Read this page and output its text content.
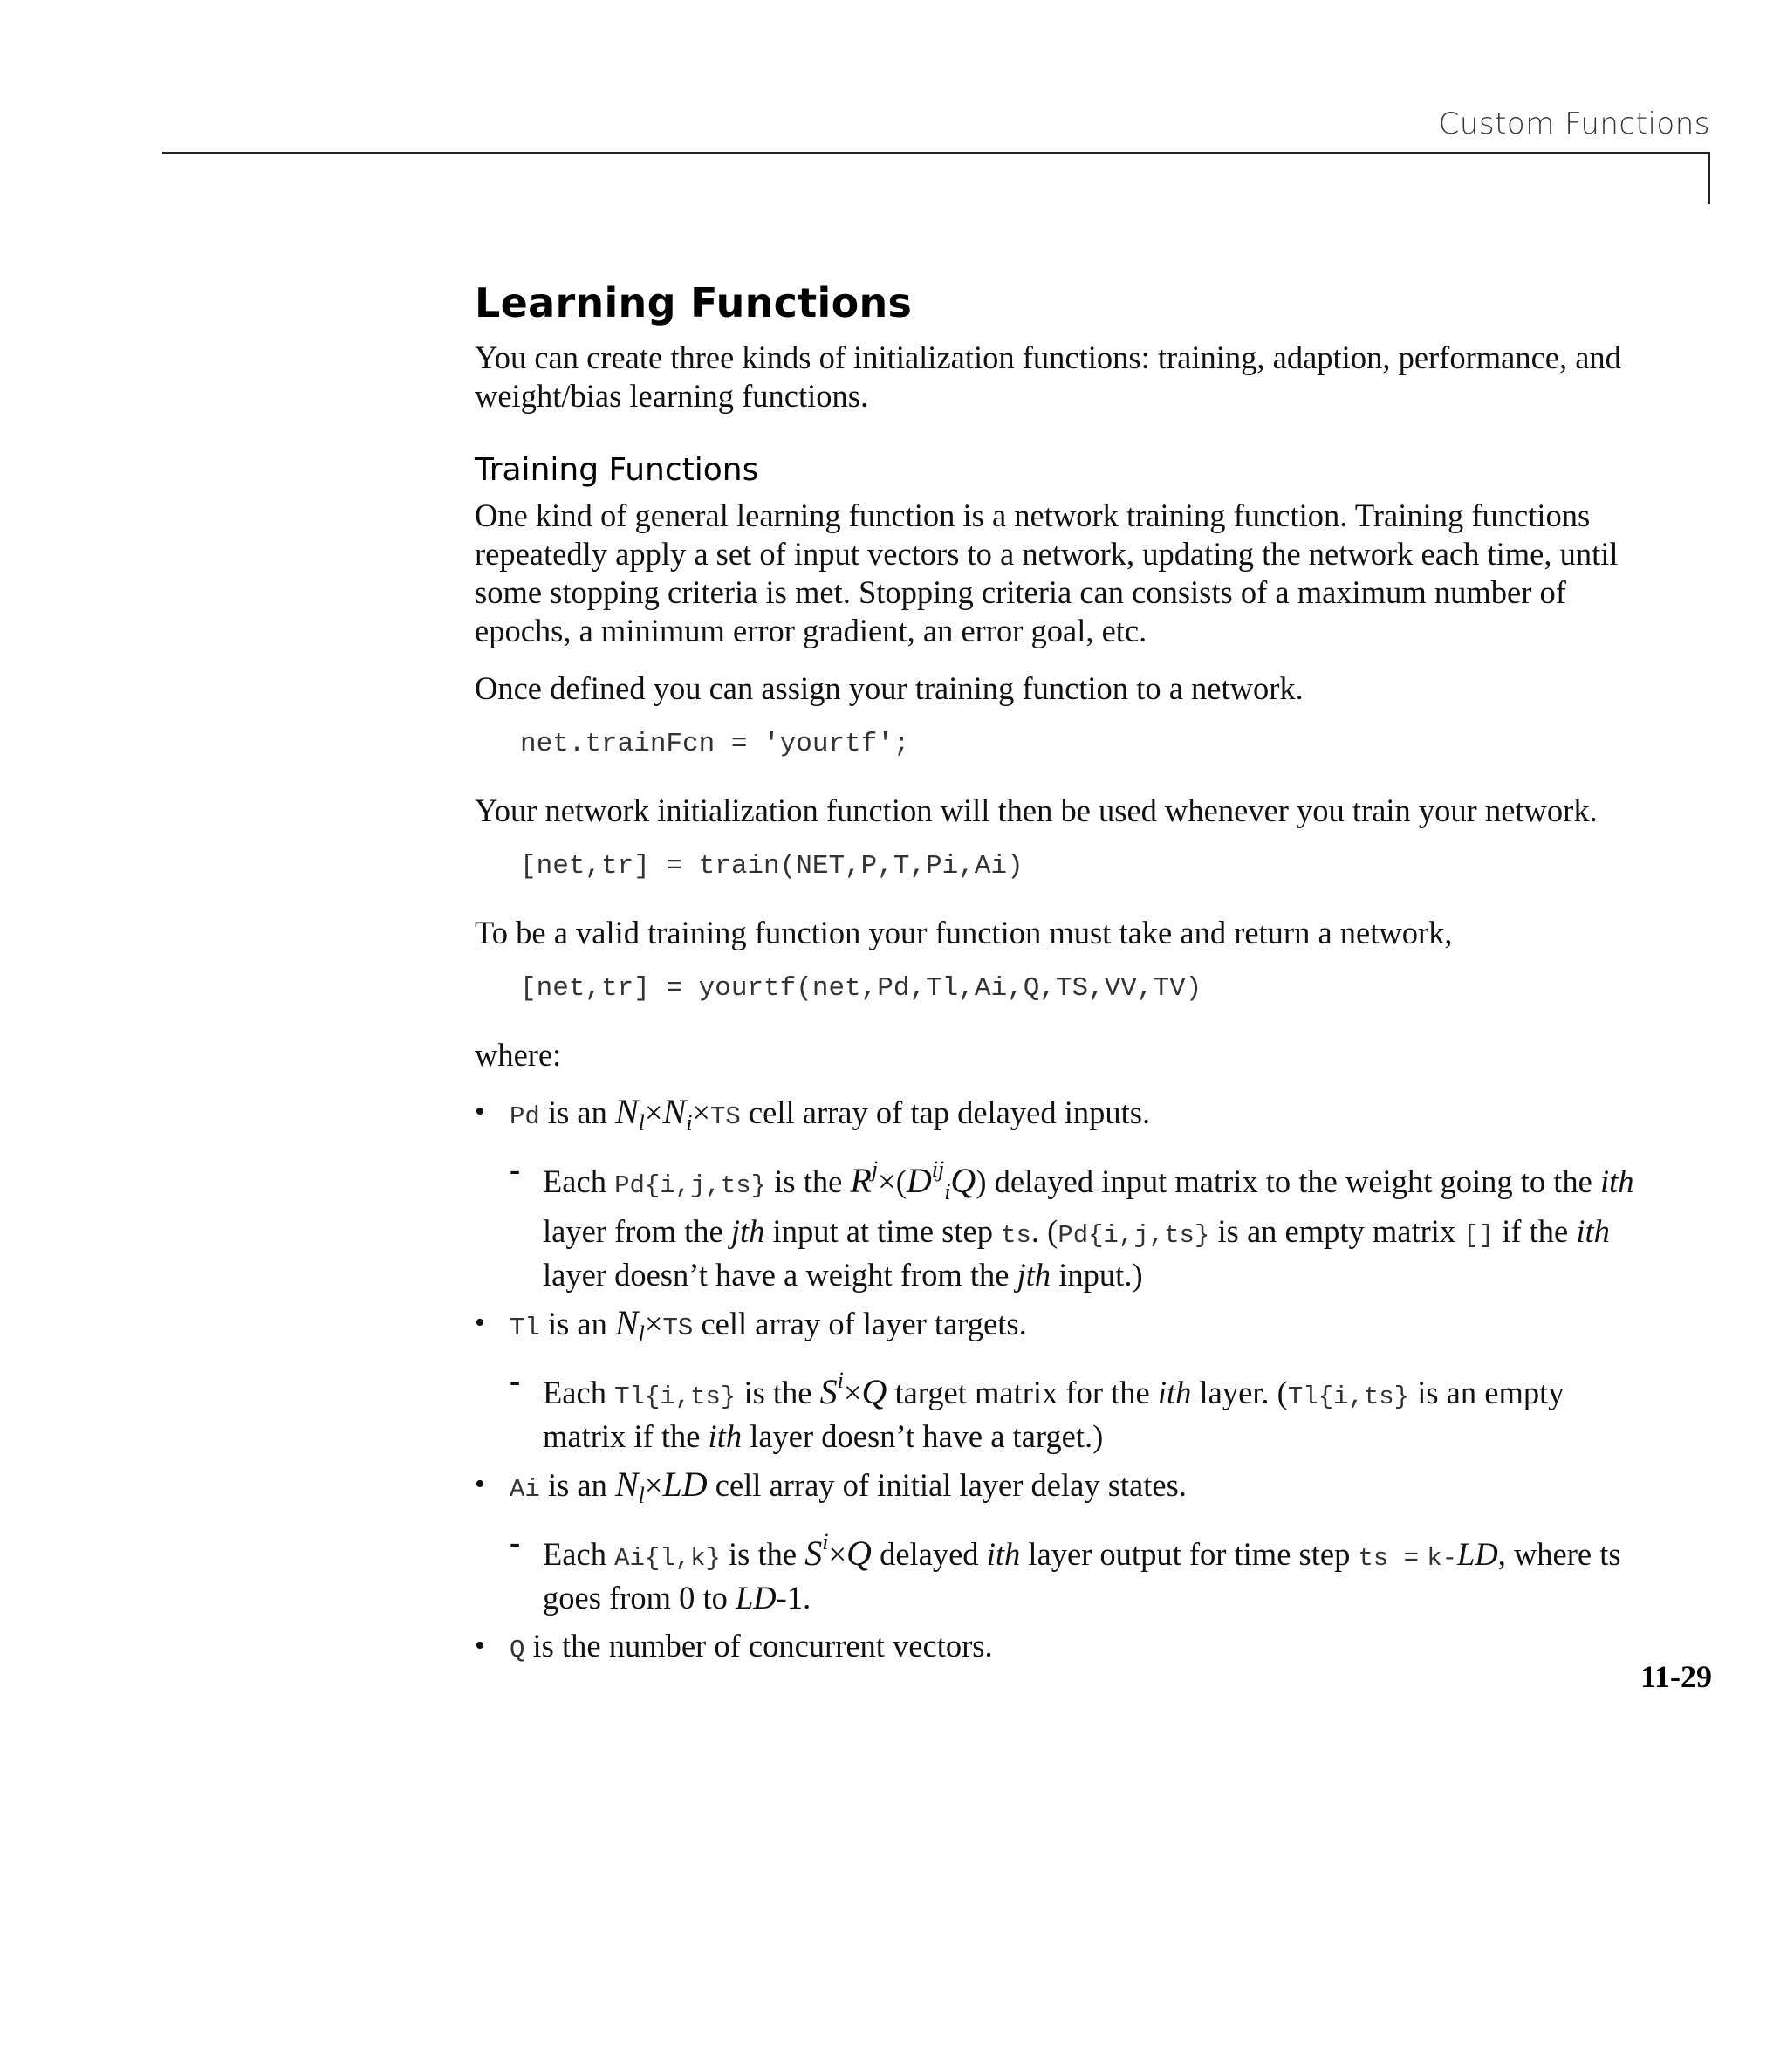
Custom Functions
Learning Functions

You can create three kinds of initialization functions: training, adaption, performance, and weight/bias learning functions.

Training Functions

One kind of general learning function is a network training function. Training functions repeatedly apply a set of input vectors to a network, updating the network each time, until some stopping criteria is met. Stopping criteria can consists of a maximum number of epochs, a minimum error gradient, an error goal, etc.

Once defined you can assign your training function to a network.

net.trainFcn = 'yourtf';

Your network initialization function will then be used whenever you train your network.

[net,tr] = train(NET,P,T,Pi,Ai)

To be a valid training function your function must take and return a network,

[net,tr] = yourtf(net,Pd,Tl,Ai,Q,TS,VV,TV)

where:

• Pd is an $N_l\times N_i\times TS$ cell array of tap delayed inputs.
- Each Pd{i,j,ts} is the $R^j\times(D^{ij}_iQ)$ delayed input matrix to the weight going to the ith layer from the jth input at time step ts. (Pd{i,j,ts} is an empty matrix [] if the ith layer doesn’t have a weight from the jth input.)
• Tl is an $N_l\times TS$ cell array of layer targets.
- Each Tl{i,ts} is the $S^i\times Q$ target matrix for the ith layer. (Tl{i,ts} is an empty matrix if the ith layer doesn’t have a target.)
• Ai is an $N_l\times LD$ cell array of initial layer delay states.
- Each Ai{l,k} is the $S^i\times Q$ delayed ith layer output for time step ts = k-LD, where ts goes from 0 to LD-1.
• Q is the number of concurrent vectors.
11-29
